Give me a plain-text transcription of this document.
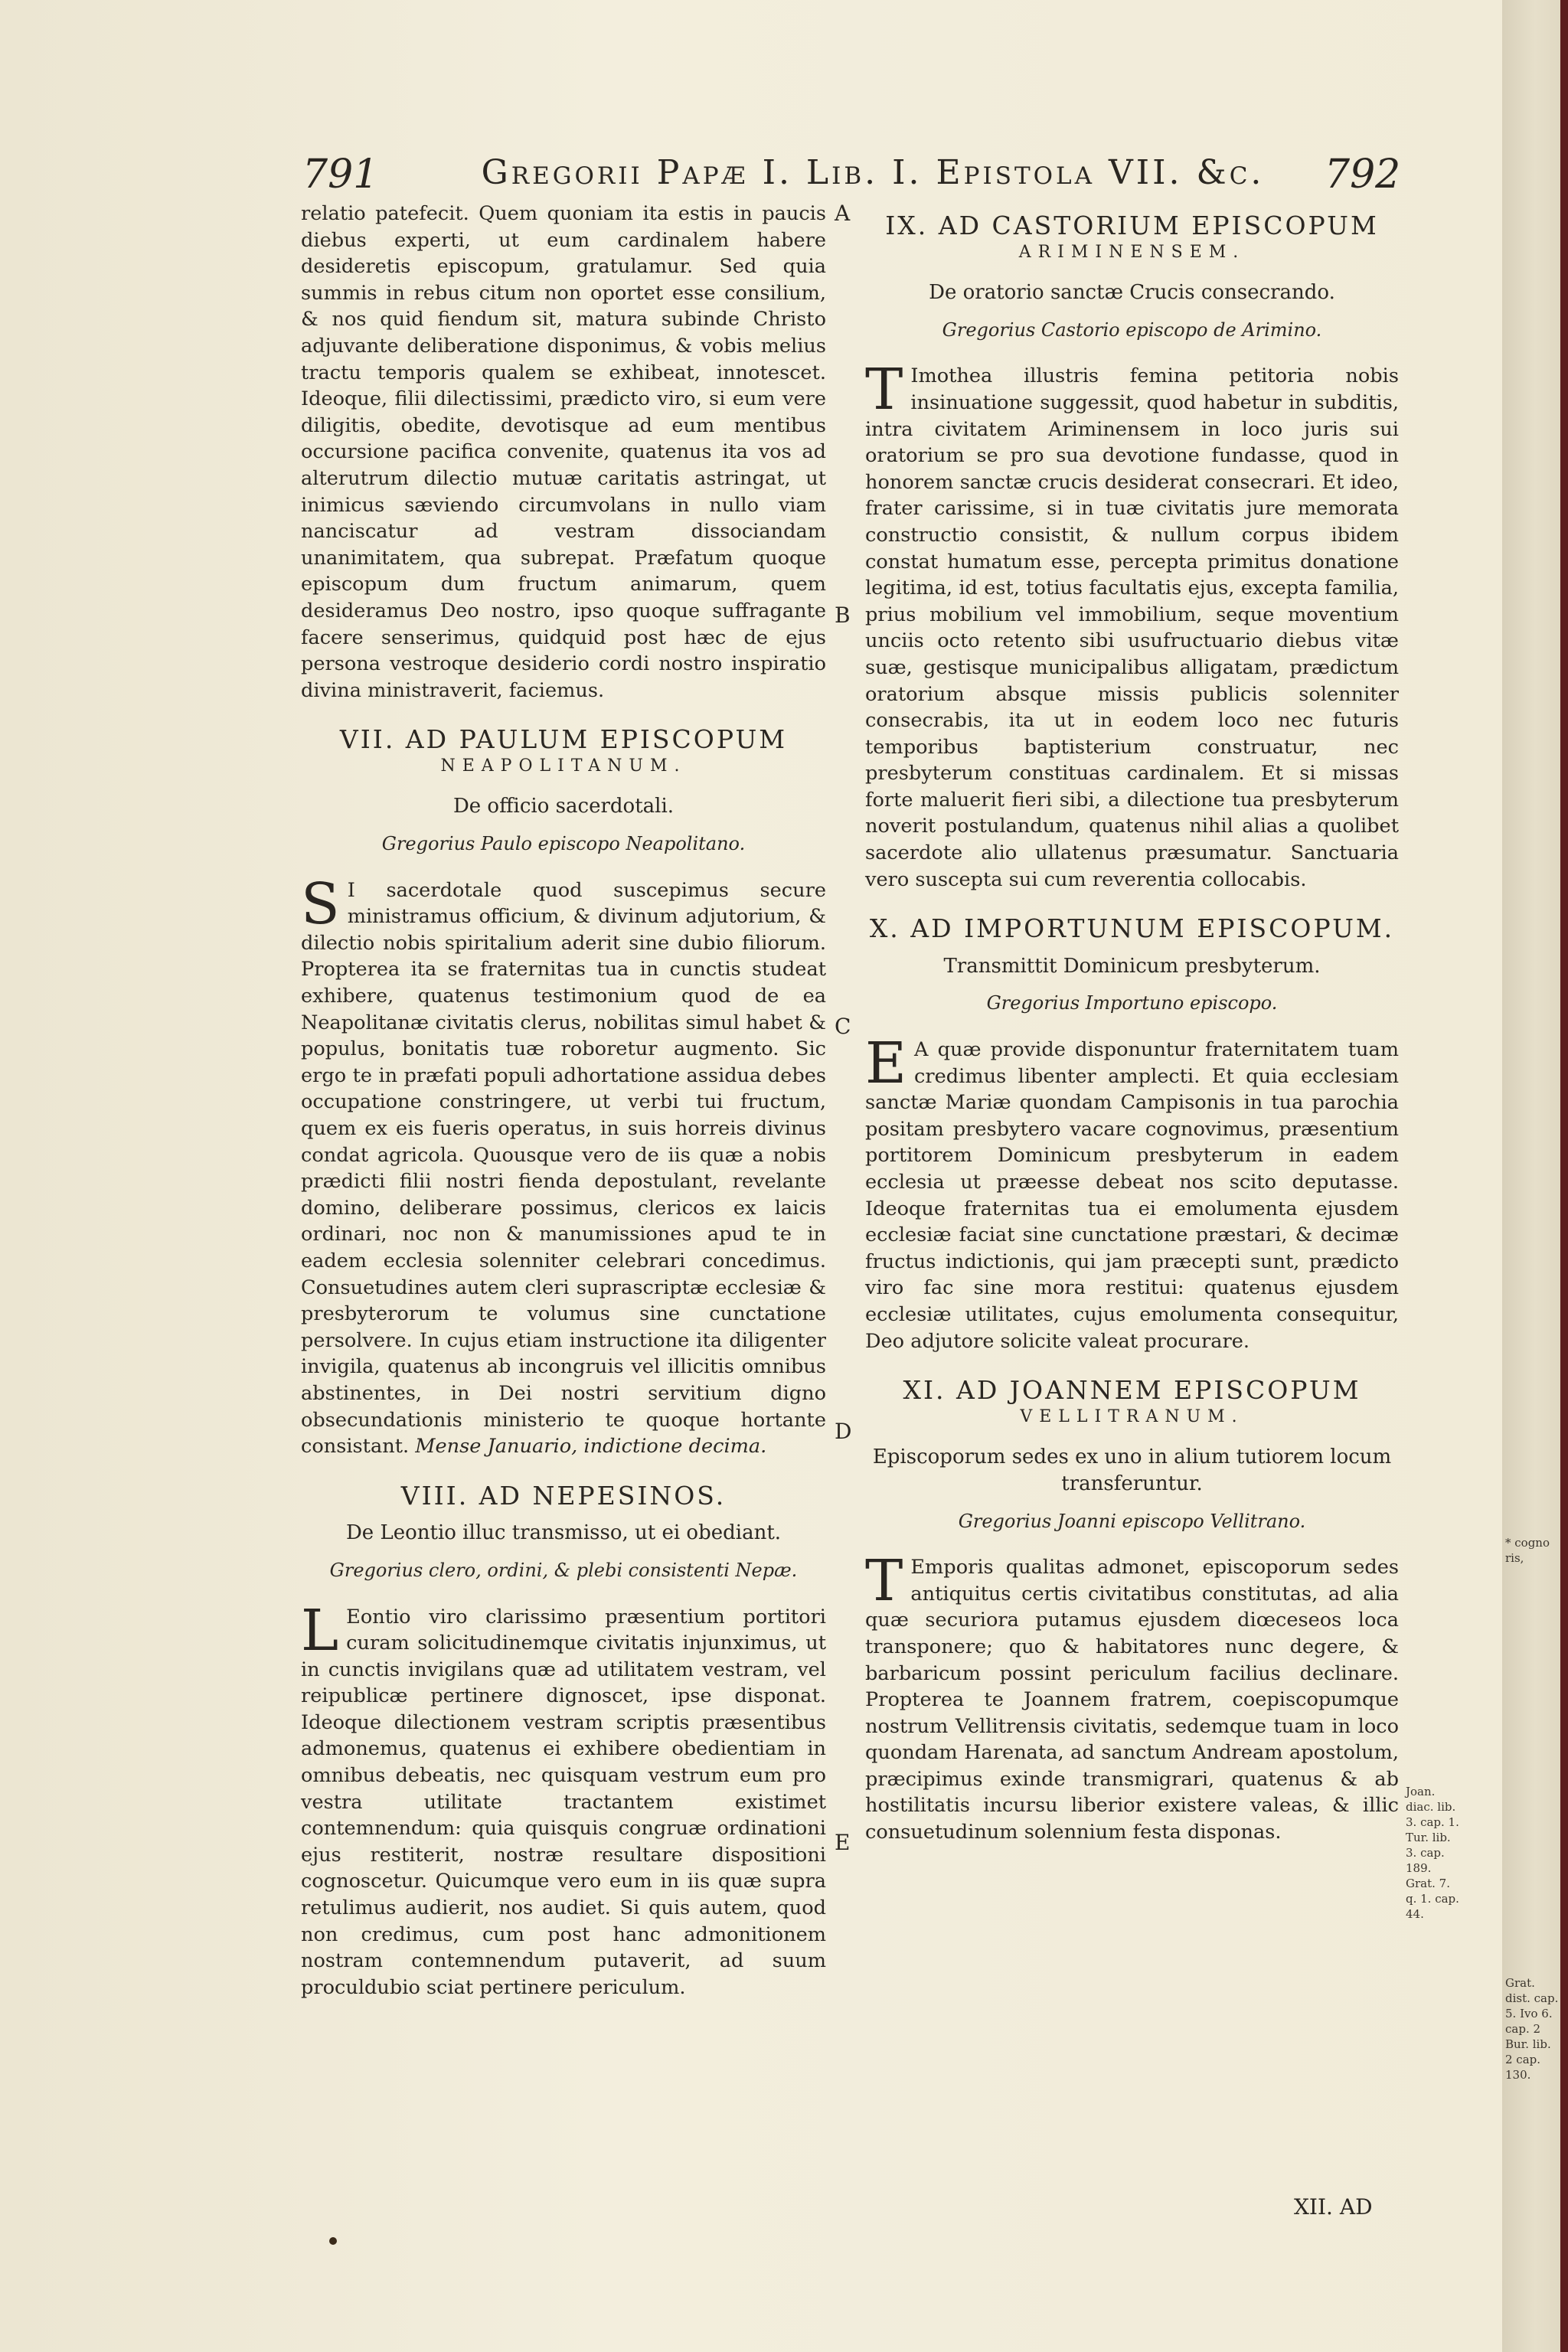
791	Gregorii Papæ I. Lib. I. Epistola VII. &c.	792

relatio patefecit. Quem quoniam ita estis in paucis diebus experti, ut eum cardinalem habere desideretis episcopum, gratulamur. Sed quia summis in rebus citum non oportet esse consilium, & nos quid fiendum sit, matura subinde Christo adjuvante deliberatione disponimus, & vobis melius tractu temporis qualem se exhibeat, innotescet. Ideoque, filii dilectissimi, prædicto viro, si eum vere diligitis, obedite, devotisque ad eum mentibus occursione pacifica convenite, quatenus ita vos ad alterutrum dilectio mutuæ caritatis astringat, ut inimicus sæviendo circumvolans in nullo viam nanciscatur ad vestram dissociandam unanimitatem, qua subrepat. Præfatum quoque episcopum dum fructum animarum, quem desideramus Deo nostro, ipso quoque suffragante facere senserimus, quidquid post hæc de ejus persona vestroque desiderio cordi nostro inspiratio divina ministraverit, faciemus.

VII. AD PAULUM EPISCOPUM
NEAPOLITANUM.
De officio sacerdotali.
Gregorius Paulo episcopo Neapolitano.

S I sacerdotale quod suscepimus secure ministramus officium, & divinum adjutorium, & dilectio nobis spiritalium aderit sine dubio filiorum. Propterea ita se fraternitas tua in cunctis studeat exhibere, quatenus testimonium quod de ea Neapolitanæ civitatis clerus, nobilitas simul habet & populus, bonitatis tuæ roboretur augmento. Sic ergo te in præfati populi adhortatione assidua debes occupatione constringere, ut verbi tui fructum, quem ex eis fueris operatus, in suis horreis divinus condat agricola. Quousque vero de iis quæ a nobis prædicti filii nostri fienda depostulant, revelante domino, deliberare possimus, clericos ex laicis ordinari, noc non & manumissiones apud te in eadem ecclesia solenniter celebrari concedimus. Consuetudines autem cleri suprascriptæ ecclesiæ & presbyterorum te volumus sine cunctatione persolvere. In cujus etiam instructione ita diligenter invigila, quatenus ab incongruis vel illicitis omnibus abstinentes, in Dei nostri servitium digno obsecundationis ministerio te quoque hortante consistant. Mense Januario, indictione decima.

VIII. AD NEPESINOS.
De Leontio illuc transmisso, ut ei obediant.
Gregorius clero, ordini, & plebi consistenti Nepæ.

L Eontio viro clarissimo præsentium portitori curam solicitudinemque civitatis injunximus, ut in cunctis invigilans quæ ad utilitatem vestram, vel reipublicæ pertinere dignoscet, ipse disponat. Ideoque dilectionem vestram scriptis præsentibus admonemus, quatenus ei exhibere obedientiam in omnibus debeatis, nec quisquam vestrum eum pro vestra utilitate tractantem existimet contemnendum: quia quisquis congruæ ordinationi ejus restiterit, nostræ resultare dispositioni cognoscetur. Quicumque vero eum in iis quæ supra retulimus audierit, nos audiet. Si quis autem, quod non credimus, cum post hanc admonitionem nostram contemnendum putaverit, ad suum proculdubio sciat pertinere periculum.

A
B
C
D
E
IX. AD CASTORIUM EPISCOPUM
ARIMINENSEM.
De oratorio sanctæ Crucis consecrando.
Gregorius Castorio episcopo de Arimino.

T Imothea illustris femina petitoria nobis insinuatione suggessit, quod habetur in subditis, intra civitatem Ariminensem in loco juris sui oratorium se pro sua devotione fundasse, quod in honorem sanctæ crucis desiderat consecrari. Et ideo, frater carissime, si in tuæ civitatis jure memorata constructio consistit, & nullum corpus ibidem constat humatum esse, percepta primitus donatione legitima, id est, totius facultatis ejus, excepta familia, prius mobilium vel immobilium, seque moventium unciis octo retento sibi usufructuario diebus vitæ suæ, gestisque municipalibus alligatam, prædictum oratorium absque missis publicis solenniter consecrabis, ita ut in eodem loco nec futuris temporibus baptisterium construatur, nec presbyterum constituas cardinalem. Et si missas forte maluerit fieri sibi, a dilectione tua presbyterum noverit postulandum, quatenus nihil alias a quolibet sacerdote alio ullatenus præsumatur. Sanctuaria vero suscepta sui cum reverentia collocabis.

X. AD IMPORTUNUM EPISCOPUM.
Transmittit Dominicum presbyterum.
Gregorius Importuno episcopo.

E A quæ provide disponuntur fraternitatem tuam credimus libenter amplecti. Et quia ecclesiam sanctæ Mariæ quondam Campisonis in tua parochia positam presbytero vacare cognovimus, præsentium portitorem Dominicum presbyterum in eadem ecclesia ut præesse debeat nos scito deputasse. Ideoque fraternitas tua ei emolumenta ejusdem ecclesiæ faciat sine cunctatione præstari, & decimæ fructus indictionis, qui jam præcepti sunt, prædicto viro fac sine mora restitui: quatenus ejusdem ecclesiæ utilitates, cujus emolumenta consequitur, Deo adjutore solicite valeat procurare.

XI. AD JOANNEM EPISCOPUM
VELLITRANUM.
Episcoporum sedes ex uno in alium tutiorem locum transferuntur.
Gregorius Joanni episcopo Vellitrano.

T Emporis qualitas admonet, episcoporum sedes antiquitus certis civitatibus constitutas, ad alia quæ securiora putamus ejusdem diœceseos loca transponere; quo & habitatores nunc degere, & barbaricum possint periculum facilius declinare. Propterea te Joannem fratrem, coepiscopumque nostrum Vellitrensis civitatis, sedemque tuam in loco quondam Harenata, ad sanctum Andream apostolum, præcipimus exinde transmigrari, quatenus & ab hostilitatis incursu liberior existere valeas, & illic consuetudinum solennium festa disponas.

Joan. diac. lib. 3. cap. 1. Tur. lib. 3. cap. 189. Grat. 7. q. 1. cap. 44.
* cogno ris,
Grat. dist. cap. 5. Ivo 6. cap. 2 Bur. lib. 2 cap. 130.
XII. AD
